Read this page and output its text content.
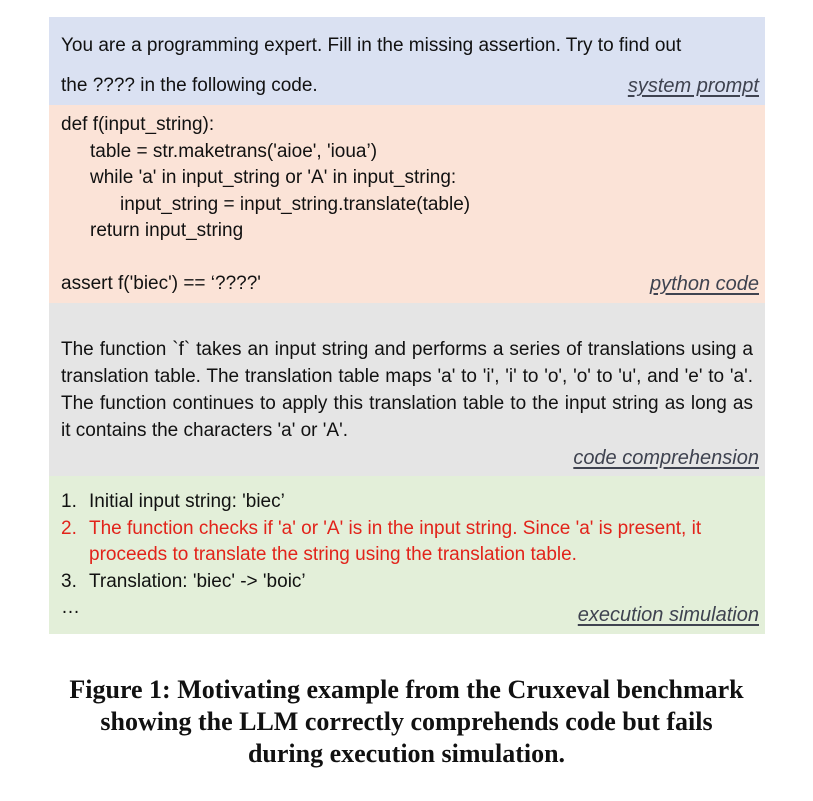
You are a programming expert. Fill in the missing assertion. Try to find out
the ???? in the following code.	system prompt
def f(input_string):
table = str.maketrans('aioe', 'ioua’)
while 'a' in input_string or 'A' in input_string:
input_string = input_string.translate(table)
return input_string
assert f('biec') == ‘????'	python code
The function `f` takes an input string and performs a series of translations using a translation table. The translation table maps 'a' to 'i', 'i' to 'o', 'o' to 'u', and 'e' to 'a'. The function continues to apply this translation table to the input string as long as it contains the characters 'a' or 'A'.
code comprehension
1. Initial input string: 'biec’
2. The function checks if 'a' or 'A' is in the input string. Since 'a' is present, it
proceeds to translate the string using the translation table.
3. Translation: 'biec' -> 'boic’
…	execution simulation
Figure 1: Motivating example from the Cruxeval benchmark
showing the LLM correctly comprehends code but fails
during execution simulation.
